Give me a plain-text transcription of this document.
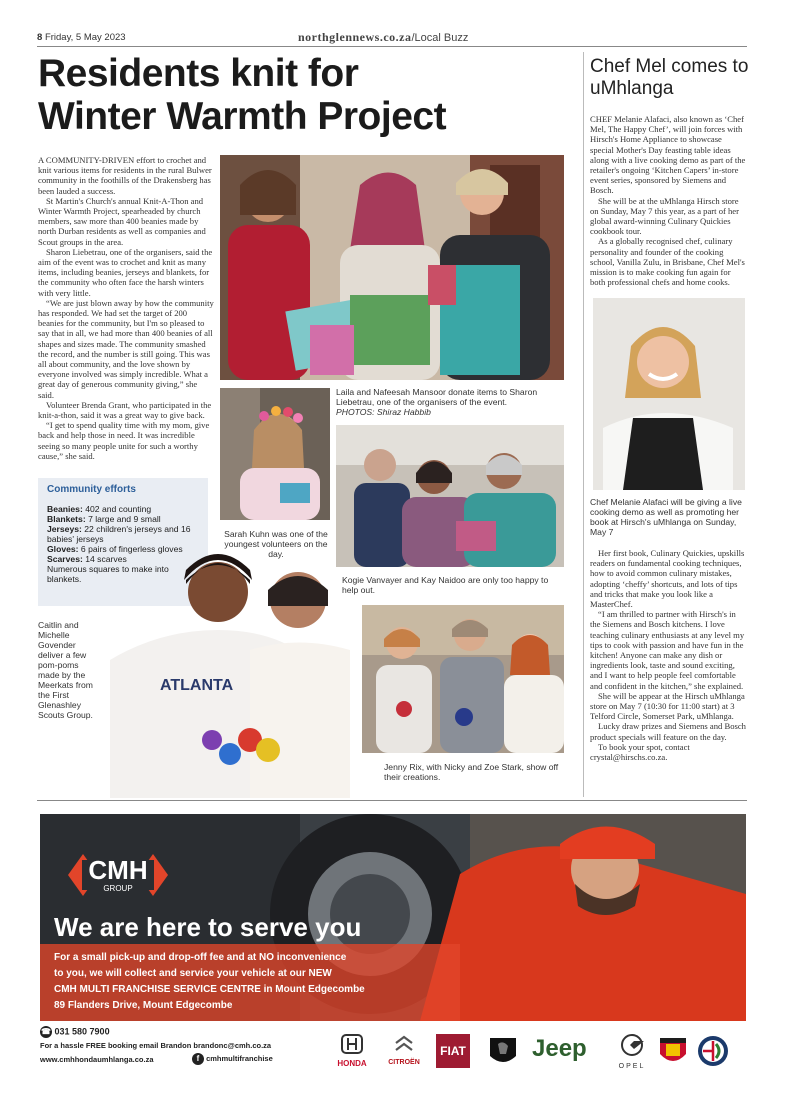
8 Friday, 5 May 2023	northglennews.co.za/Local Buzz
Residents knit for
Winter Warmth Project

A COMMUNITY-DRIVEN effort to crochet and knit various items for residents in the rural Bulwer community in the foothills of the Drakensberg has been lauded a success.

St Martin's Church's annual Knit-A-Thon and Winter Warmth Project, spearheaded by church members, saw more than 400 beanies made by north Durban residents as well as companies and Scout groups in the area.

Sharon Liebetrau, one of the organisers, said the aim of the event was to crochet and knit as many items, including beanies, jerseys and blankets, for the community who often face the harsh winters with very little.

“We are just blown away by how the community has responded. We had set the target of 200 beanies for the community, but I'm so pleased to say that in all, we had more than 400 beanies of all shapes and sizes made. The community smashed the record, and the number is still going. This was all about community, and the love shown by everyone involved was simply incredible. What a great day of generous community giving,” she said.

Volunteer Brenda Grant, who participated in the knit-a-thon, said it was a great way to give back.

“I get to spend quality time with my mom, give back and help those in need. It was incredible seeing so many people unite for such a worthy cause,” she said.

Laila and Nafeesah Mansoor donate items to Sharon Liebetrau, one of the organisers of the event.
PHOTOS: Shiraz Habbib
Sarah Kuhn was one of the youngest volunteers on the day.
Kogie Vanvayer and Kay Naidoo are only too happy to help out.
Community efforts
Beanies: 402 and counting
Blankets: 7 large and 9 small
Jerseys: 22 children's jerseys and 16 babies' jerseys
Gloves: 6 pairs of fingerless gloves
Scarves: 14 scarves
Numerous squares to make into blankets.
Caitlin and Michelle Govender deliver a few pom-poms made by the Meerkats from the First Glenashley Scouts Group.
ATLANTA
Jenny Rix, with Nicky and Zoe Stark, show off their creations.
Chef Mel comes to uMhlanga

CHEF Melanie Alafaci, also known as ‘Chef Mel, The Happy Chef’, will join forces with Hirsch's Home Appliance to showcase special Mother's Day feasting table ideas along with a live cooking demo as part of the retailer's ongoing ‘Kitchen Capers’ in-store event series, sponsored by Siemens and Bosch.

She will be at the uMhlanga Hirsch store on Sunday, May 7 this year, as a part of her global award-winning Culinary Quickies cookbook tour.

As a globally recognised chef, culinary personality and founder of the cooking school, Vanilla Zulu, in Brisbane, Chef Mel's mission is to make cooking fun again for both professional chefs and home cooks.

Chef Melanie Alafaci will be giving a live cooking demo as well as promoting her book at Hirsch's uMhlanga on Sunday, May 7

Her first book, Culinary Quickies, upskills readers on fundamental cooking techniques, how to avoid common culinary mistakes, adopting ‘cheffy’ shortcuts, and lots of tips and tricks that make you look like a MasterChef.

“I am thrilled to partner with Hirsch's in the Siemens and Bosch kitchens. I love teaching culinary enthusiasts at any level my tips to cook with passion and have fun in the kitchen! Anyone can make any dish or ingredients look, taste and sound exciting, and I want to help people feel comfortable and confident in the kitchen,” she explained.

She will be appear at the Hirsch uMhlanga store on May 7 (10:30 for 11:00 start) at 3 Telford Circle, Somerset Park, uMhlanga.

Lucky draw prizes and Siemens and Bosch product specials will feature on the day.

To book your spot, contact crystal@hirschs.co.za.

CMH
GROUP
We are here to serve you
For a small pick-up and drop-off fee and at NO inconvenience
to you, we will collect and service your vehicle at our NEW
CMH MULTI FRANCHISE SERVICE CENTRE in Mount Edgecombe
89 Flanders Drive, Mount Edgecombe
☎ 031 580 7900
For a hassle FREE booking email Brandon brandonc@cmh.co.za
www.cmhhondaumhlanga.co.za	f cmhmultifranchise
HONDA	CITROËN
FIAT	Jeep
OPEL
